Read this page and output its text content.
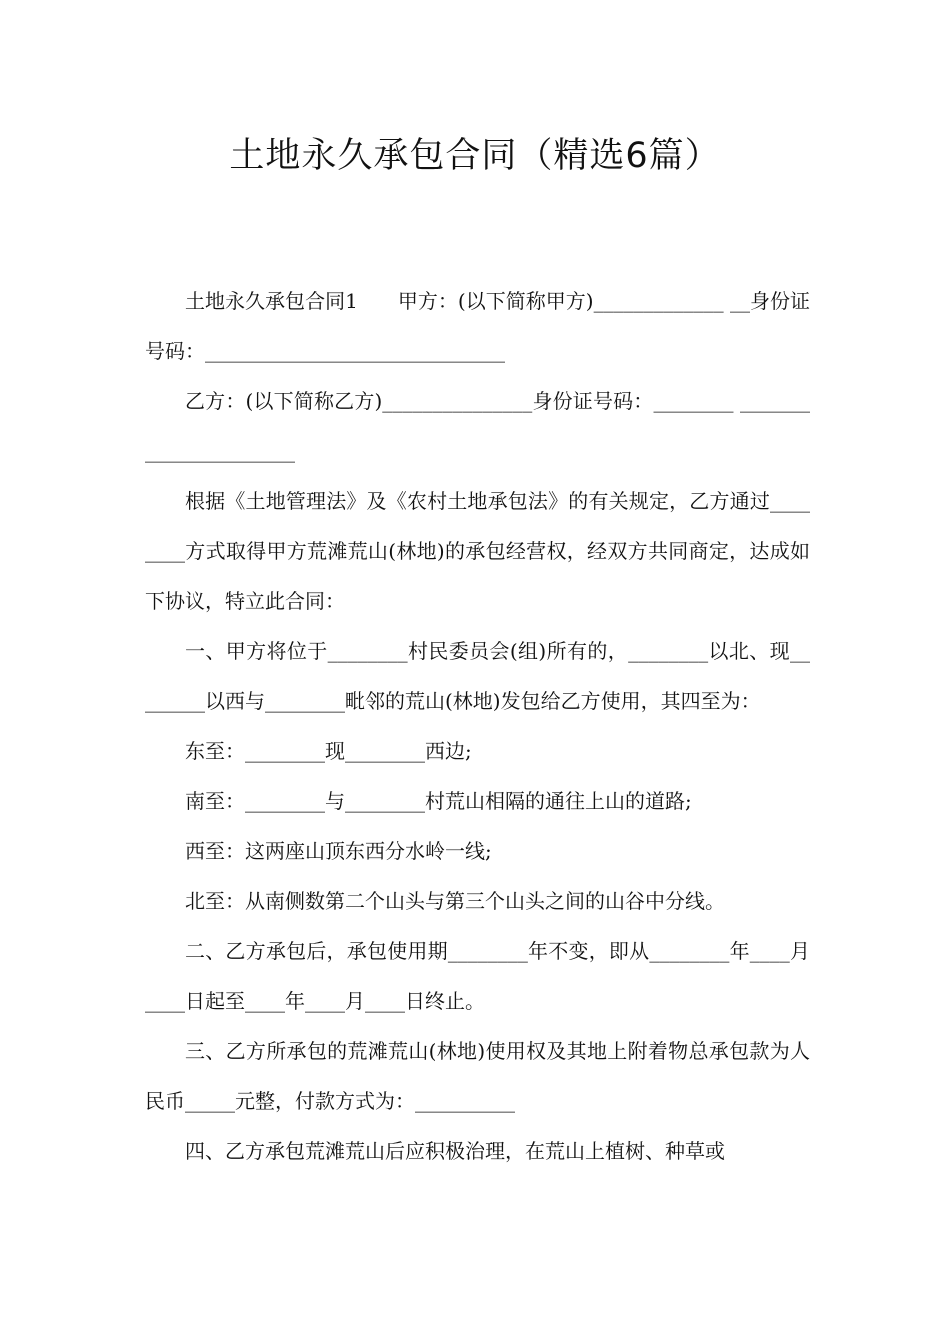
土地永久承包合同（精选6篇）

土地永久承包合同1　　甲方：(以下简称甲方)_____________ __身份证号码：______________________________

乙方：(以下简称乙方)_______________身份证号码：________ ______________________

根据《土地管理法》及《农村土地承包法》的有关规定，乙方通过________方式取得甲方荒滩荒山(林地)的承包经营权，经双方共同商定，达成如下协议，特立此合同：

一、甲方将位于________村民委员会(组)所有的，________以北、现________以西与________毗邻的荒山(林地)发包给乙方使用，其四至为：

东至：________现________西边;

南至：________与________村荒山相隔的通往上山的道路;

西至：这两座山顶东西分水岭一线;

北至：从南侧数第二个山头与第三个山头之间的山谷中分线。

二、乙方承包后，承包使用期________年不变，即从________年____月____日起至____年____月____日终止。

三、乙方所承包的荒滩荒山(林地)使用权及其地上附着物总承包款为人民币_____元整，付款方式为：__________

四、乙方承包荒滩荒山后应积极治理，在荒山上植树、种草或
